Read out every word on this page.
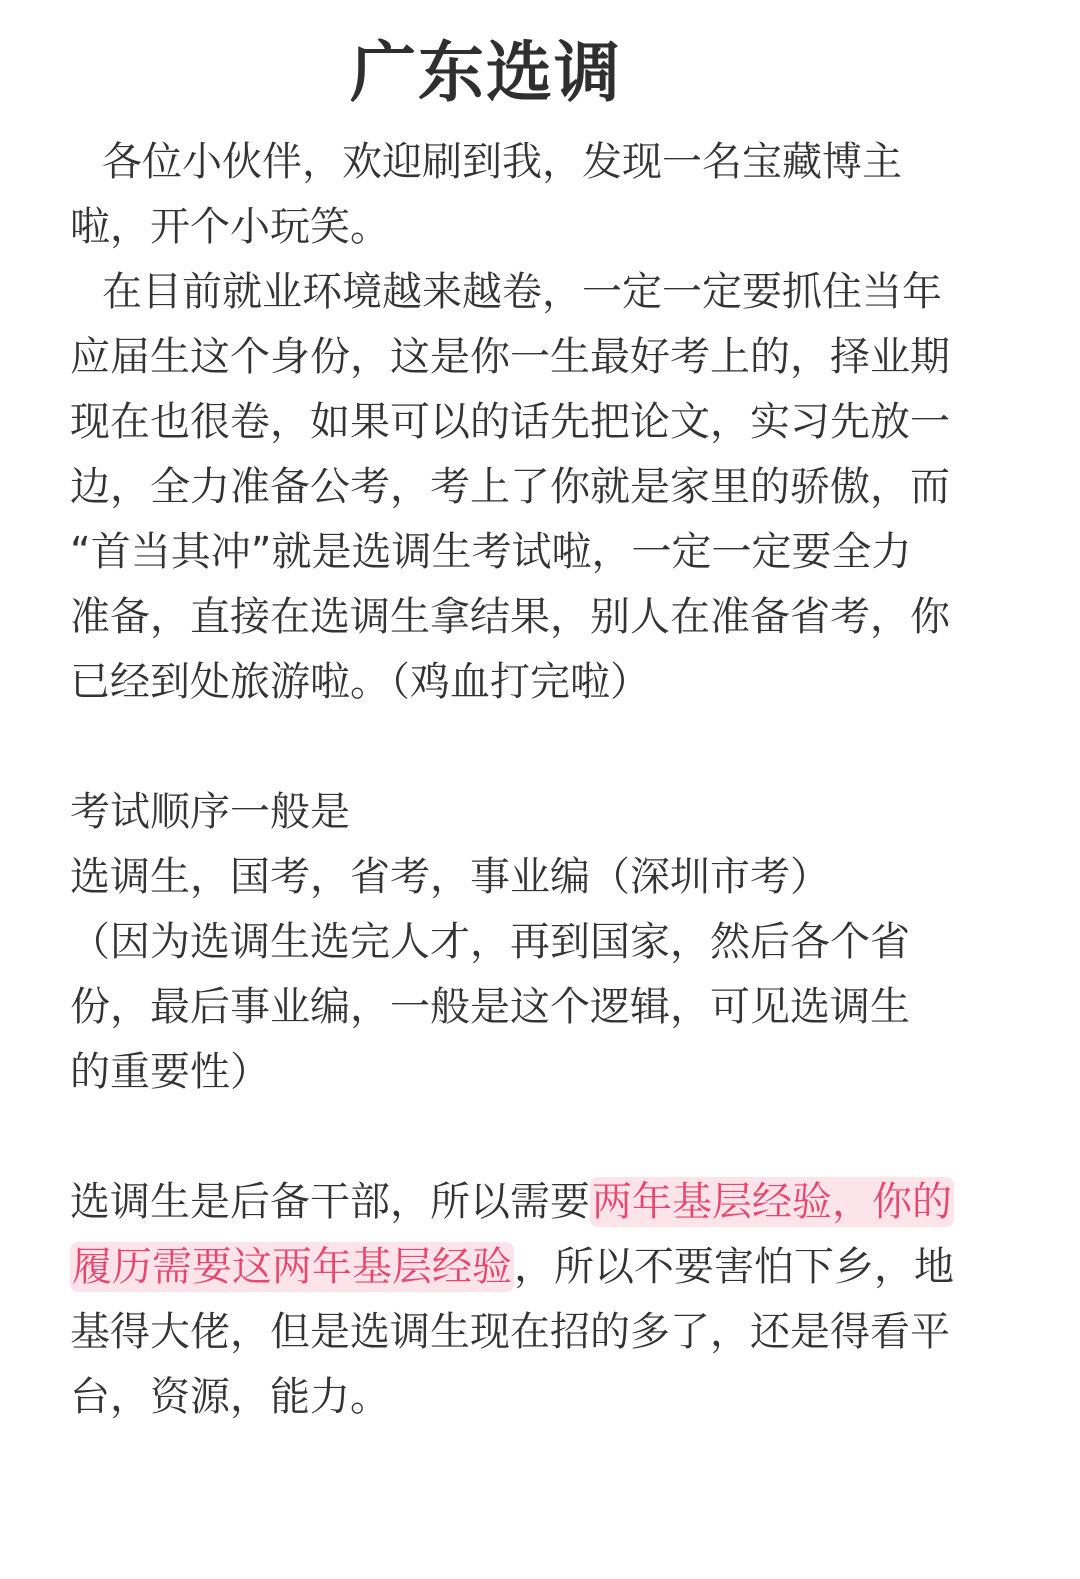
广东选调
各位小伙伴，欢迎刷到我，发现一名宝藏博主
啦，开个小玩笑。
在目前就业环境越来越卷，一定一定要抓住当年
应届生这个身份，这是你一生最好考上的，择业期
现在也很卷，如果可以的话先把论文，实习先放一
边，全力准备公考，考上了你就是家里的骄傲，而
“首当其冲”就是选调生考试啦，一定一定要全力
准备，直接在选调生拿结果，别人在准备省考，你
已经到处旅游啦。（鸡血打完啦）
考试顺序一般是
选调生，国考，省考，事业编（深圳市考）
（因为选调生选完人才，再到国家，然后各个省
份，最后事业编，一般是这个逻辑，可见选调生
的重要性）
选调生是后备干部，所以需要两年基层经验，你的
履历需要这两年基层经验，所以不要害怕下乡，地
基得大佬，但是选调生现在招的多了，还是得看平
台，资源，能力。
